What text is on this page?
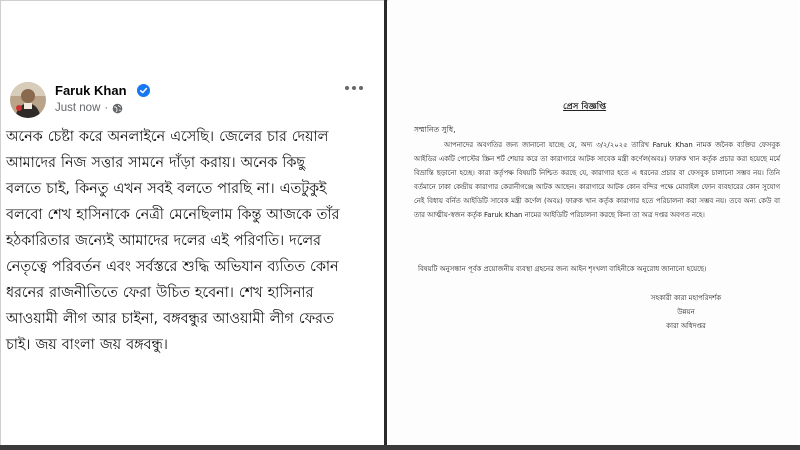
Faruk Khan
Just now ·
অনেক চেষ্টা করে অনলাইনে এসেছি। জেলের চার দেয়াল
আমাদের নিজ সত্তার সামনে দাঁড়া করায়। অনেক কিছু
বলতে চাই, কিনতু এখন সবই বলতে পারছি না। এতটুকুই
বলবো শেখ হাসিনাকে নেত্রী মেনেছিলাম কিন্তু আজকে তাঁর
হঠকারিতার জন্যেই আমাদের দলের এই পরিণতি। দলের
নেতৃত্বে পরিবর্তন এবং সর্বস্তরে শুদ্ধি অভিযান ব্যতিত কোন
ধরনের রাজনীতিতে ফেরা উচিত হবেনা। শেখ হাসিনার
আওয়ামী লীগ আর চাইনা, বঙ্গবন্ধুর আওয়ামী লীগ ফেরত
চাই। জয় বাংলা জয় বঙ্গবন্ধু।
প্রেস বিজ্ঞপ্তি
সম্মানিত সুধি,
আপনাদের অবগতির জন্য জানানো যাচ্ছে যে, অদ্য ৩/২/২০২৫ তারিখ Faruk Khan নামক জনৈক ব্যক্তির ফেসবুক আইডির একটি পোস্টের স্ক্রিন শর্ট শেয়ার করে তা কারাগারে আটক সাবেক মন্ত্রী কর্ণেল(অবঃ) ফারুক খান কর্তৃক প্রচার করা হয়েছে মর্মে বিভ্রান্তি ছড়ানো হচ্ছে। কারা কর্তৃপক্ষ বিষয়টি নিশ্চিত করছে যে, কারাগার হতে এ ধরনের প্রচার বা ফেসবুক চালানো সম্ভব নয়। তিনি বর্তমানে ঢাকা কেন্দ্রীয় কারাগার কেরানীগঞ্জে আটক আছেন। কারাগারে আটক কোন বন্দির পক্ষে মোবাইল ফোন ব্যবহারের কোন সুযোগ নেই বিধায় বর্নিত আইডিটি সাবেক মন্ত্রী কর্ণেল (অবঃ) ফারুক খান কর্তৃক কারাগার হতে পরিচালনা করা সম্ভব নয়। তবে অন্য কেউ বা তার আত্মীয়-স্বজন কর্তৃক Faruk Khan নামের আইডিটি পরিচালনা করছে কিনা তা অত্র দপ্তর অবগত নহে।
বিষয়টি অনুসন্ধান পূর্বক প্রয়োজনীয় ব্যবস্থা গ্রহনের জন্য আইন শৃংখলা বাহিনীকে অনুরোধ জানানো হয়েছে।
সহকারী কারা মহাপরিদর্শক
উন্নয়ন
কারা অধিদপ্তর
